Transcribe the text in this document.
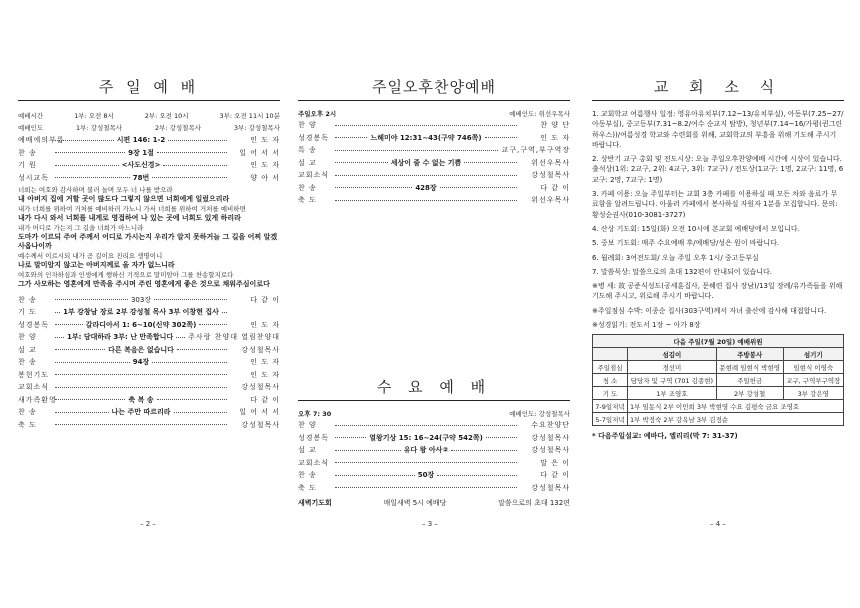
주 일 예 배
예배시간	1부: 오전 8시	2부: 오전 10시	3부: 오전 11시 10분
예배인도	1부: 강성철목사	2부: 강성철목사	3부: 강성철목사
예배에의부름	시편 146: 1-2	인 도 자
찬 송	9장 1절	일 어 서 서
기 원	<사도신경>	인 도 자
성시교독	78번	양 아 서

너희는 여호와 감사하며 불러 놀며 모두 너 나를 받으라

내 아버지 집에 거할 곳이 많도다 그렇지 않으면 너희에게 일렀으리라

내가 너희를 위하여 거처를 예비하러 가노니 가서 너희를 위하여 거처를 예비하면

내가 다시 와서 너희를 내게로 영접하여 나 있는 곳에 너희도 있게 하리라

내가 어디로 가는지 그 길을 너희가 아느니라

도마가 이르되 주여 주께서 어디로 가시는지 우리가 알지 못하거늘 그 길을 어찌 알겠사옵나이까

예수께서 이르시되 내가 곧 길이요 진리요 생명이니

나로 말미암지 않고는 아버지께로 올 자가 없느니라

여호와의 인자하심과 인생에게 행하신 기적으로 말미암아 그를 찬송할지로다

그가 사모하는 영혼에게 만족을 주시며 주린 영혼에게 좋은 것으로 채워주심이로다

찬 송	303장	다 같 이
기 도	1부 강창남 장로 2부 강성철 목사 3부 이창현 집사
성경봉독	갈라디아서 1: 6~10(신약 302쪽)	인 도 자
찬 양	1부: 담대하라 3부: 난 만족합니다 주사랑 찬양대 열림찬양대
설 교	다른 복음은 없습니다	강성철목사
찬 송	94장	인 도 자
봉헌기도	인 도 자
교회소식	강성철목사
새가족환영	축 복 송	다 같 이
찬 송	나는 주만 따르리라	일 어 서 서
축 도	강성철목사
– 2 –
주일오후찬양예배
주일오후 2시	예배인도: 위선우목사
찬 양	찬 양 단
성경봉독	느헤미야 12:31~43(구약 746쪽)	인 도 자
특 송	교구,구역,부구역장
설 교	세상이 줄 수 없는 기쁨	위선우목사
교회소식	강성철목사
찬 송	428장	다 같 이
축 도	위선우목사
수 요 예 배
오후 7: 30	예배인도: 강성철목사
찬 양	수요찬양단
성경봉독	열왕기상 15: 16~24(구약 542쪽)	강성철목사
설 교	유다 왕 아사②	강성철목사
교회소식	말 은 이
찬 송	50장	다 같 이
축 도	강성철목사
새벽기도회	매일새벽 5시 예배당	말씀으로의 초대 132편
– 3 –
교 회 소 식

1. 교회학교 여름행사 일정: 영유아유치부(7.12~13/유치부실), 아동부(7.25~27/아동부실), 중고등부(7.31~8.2/여수 순교지 탐방), 청년부(7.14~16/가평(퀸그린하우스))/여름성경 학교와 수련회를 위해, 교회학교의 부흥을 위해 기도해 주시기 바랍니다.

2. 상반기 교구 총회 및 전도시상: 오늘 주일오후찬양예배 시간에 시상이 있습니다. 출석상(1위: 2교구, 2위: 4교구, 3위: 7교구) / 전도상(1교구: 1명, 2교구: 11명, 6교구: 2명, 7교구: 1명)

3. 카페 이용: 오늘 주일부터는 교회 3층 카페를 이용하실 때 모든 차와 음료가 무료함을 알려드립니다. 아울러 카페에서 봉사하실 자원자 1분을 모집합니다. 문의: 황성순권사(010-3081-3727)

4. 산상 기도회: 15일(화) 오전 10시에 본교회 예배당에서 모입니다.

5. 중보 기도회: 매주 수요예배 후/예배당/성은 원이 바랍니다.

6. 월례회: 3여전도회/ 오늘 주일 오후 1시/ 중고등부실

7. 말씀묵상: 말씀으로의 초대 132편이 안내되어 있습니다.

※병 세: 故 공준식성도(공세훈집사, 문혜련 집사 장남)/13일 장례/유가족들을 위해 기도해 주시고, 위로해 주시기 바랍니다.

※주일점심 수박: 이종순 집사(303구역)께서 자녀 출산에 감사해 대접합니다.

※성경읽기: 전도서 1장 ~ 아가 8장

다음 주일(7월 20일) 예배위원			
	섬김이	주방봉사	섬기기
주일점심	경선미	문현례 임현식 박현영	임현식 이영숙
청 소	담당자 및 구역 (701 김종현)	주일헌금	교구, 구역부구역장
기 도	1부 조영호	2부 강성철	3부 강은영
7-9일저녁	1부 임동식 2부 이민희 3부 박현영 수요 김평숙 금요 조영호		
5-7일저녁	1부 박정숙 2부 강옥남 3부 김정순		
* 다음주일설교: 예바다, 엘리리(막 7: 31-37)
– 4 –
